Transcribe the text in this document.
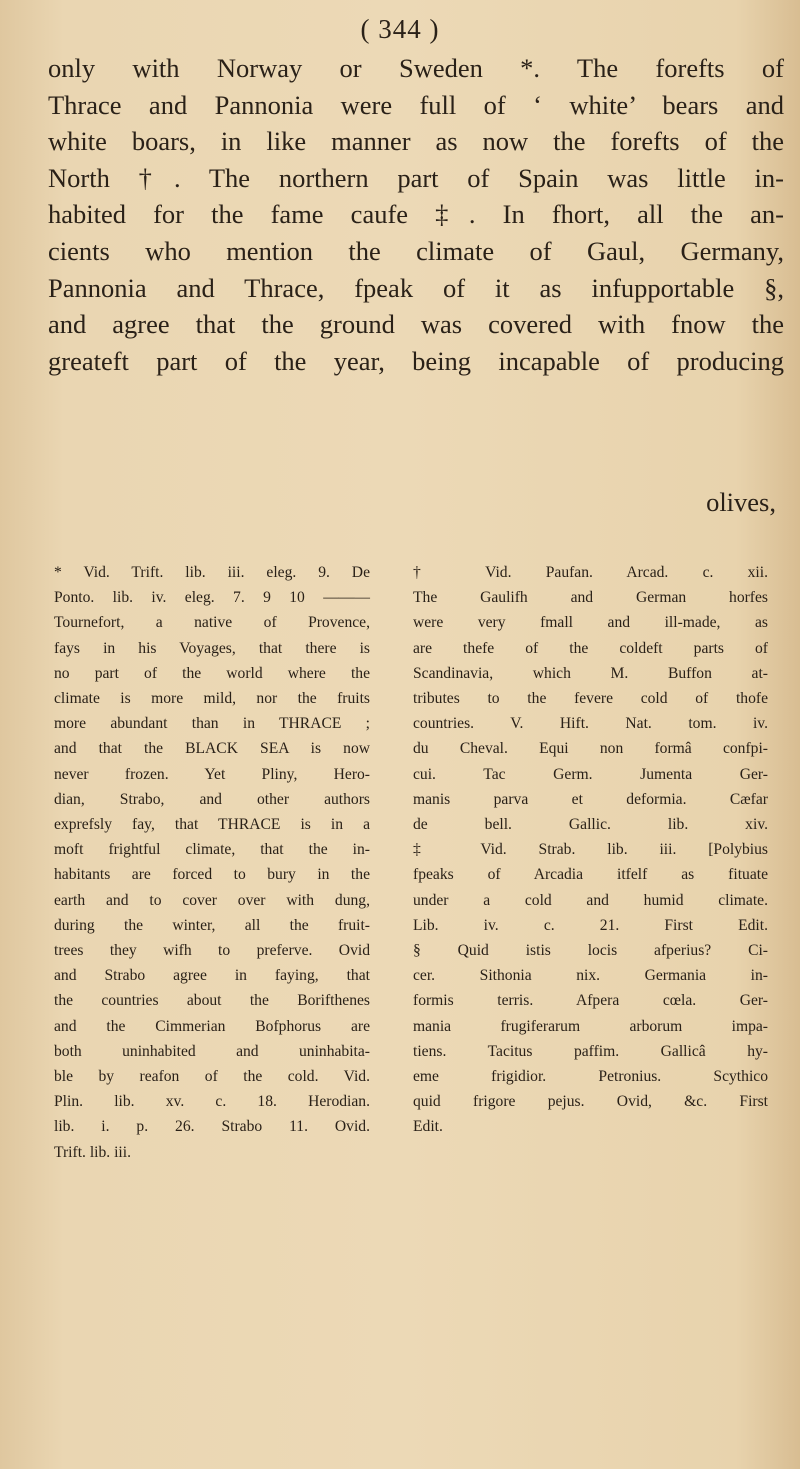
( 344 )
only with Norway or Sweden *. The forefts of
Thrace and Pannonia were full of ‘ white’ bears and
white boars, in like manner as now the forefts of the
North †. The northern part of Spain was little in-
habited for the fame caufe ‡. In fhort, all the an-
cients who mention the climate of Gaul, Germany,
Pannonia and Thrace, fpeak of it as infupportable §,
and agree that the ground was covered with fnow the
greateft part of the year, being incapable of producing
olives,
* Vid. Trift. lib. iii. eleg. 9. De
Ponto. lib. iv. eleg. 7. 9 10 ———
Tournefort, a native of Provence,
fays in his Voyages, that there is
no part of the world where the
climate is more mild, nor the fruits
more abundant than in THRACE ;
and that the BLACK SEA is now
never frozen. Yet Pliny, Hero-
dian, Strabo, and other authors
exprefsly fay, that THRACE is in a
moft frightful climate, that the in-
habitants are forced to bury in the
earth and to cover over with dung,
during the winter, all the fruit-
trees they wifh to preferve. Ovid
and Strabo agree in faying, that
the countries about the Borifthenes
and the Cimmerian Bofphorus are
both uninhabited and uninhabita-
ble by reafon of the cold. Vid.
Plin. lib. xv. c. 18. Herodian.
lib. i. p. 26. Strabo 11. Ovid.
Trift. lib. iii.
† Vid. Paufan. Arcad. c. xii.
The Gaulifh and German horfes
were very fmall and ill-made, as
are thefe of the coldeft parts of
Scandinavia, which M. Buffon at-
tributes to the fevere cold of thofe
countries. V. Hift. Nat. tom. iv.
du Cheval. Equi non formâ confpi-
cui. Tac Germ. Jumenta Ger-
manis parva et deformia. Cæfar
de bell. Gallic. lib. xiv.
‡ Vid. Strab. lib. iii. [Polybius
fpeaks of Arcadia itfelf as fituate
under a cold and humid climate.
Lib. iv. c. 21. First Edit.
§ Quid istis locis afperius? Ci-
cer. Sithonia nix. Germania in-
formis terris. Afpera cœla. Ger-
mania frugiferarum arborum impa-
tiens. Tacitus paffim. Gallicâ hy-
eme frigidior. Petronius. Scythico
quid frigore pejus. Ovid, &c. First
Edit.
